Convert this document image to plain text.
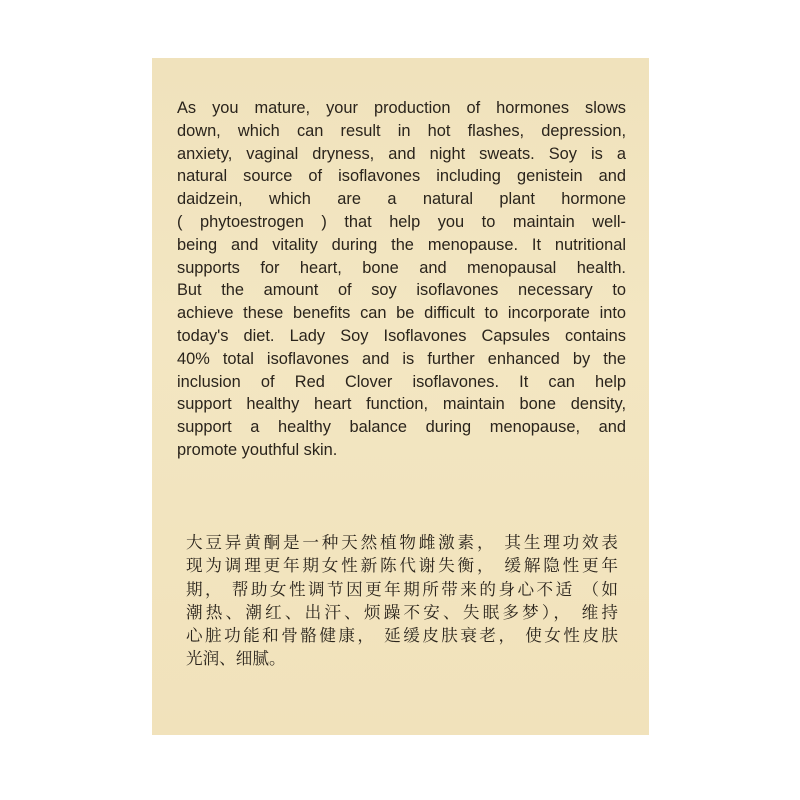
As you mature, your production of hormones slows
down, which can result in hot flashes, depression,
anxiety, vaginal dryness, and night sweats. Soy is a
natural source of isoflavones including genistein and
daidzein, which are a natural plant hormone
( phytoestrogen ) that help you to maintain well-
being and vitality during the menopause. It nutritional
supports for heart, bone and menopausal health.
But the amount of soy isoflavones necessary to
achieve these benefits can be difficult to incorporate into
today's diet. Lady Soy Isoflavones Capsules contains
40% total isoflavones and is further enhanced by the
inclusion of Red Clover isoflavones. It can help
support healthy heart function, maintain bone density,
support a healthy balance during menopause, and
promote youthful skin.
大豆异黄酮是一种天然植物雌激素， 其生理功效表
现为调理更年期女性新陈代谢失衡， 缓解隐性更年
期， 帮助女性调节因更年期所带来的身心不适 （如
潮热、潮红、出汗、烦躁不安、失眠多梦）， 维持
心脏功能和骨骼健康， 延缓皮肤衰老， 使女性皮肤
光润、细腻。
